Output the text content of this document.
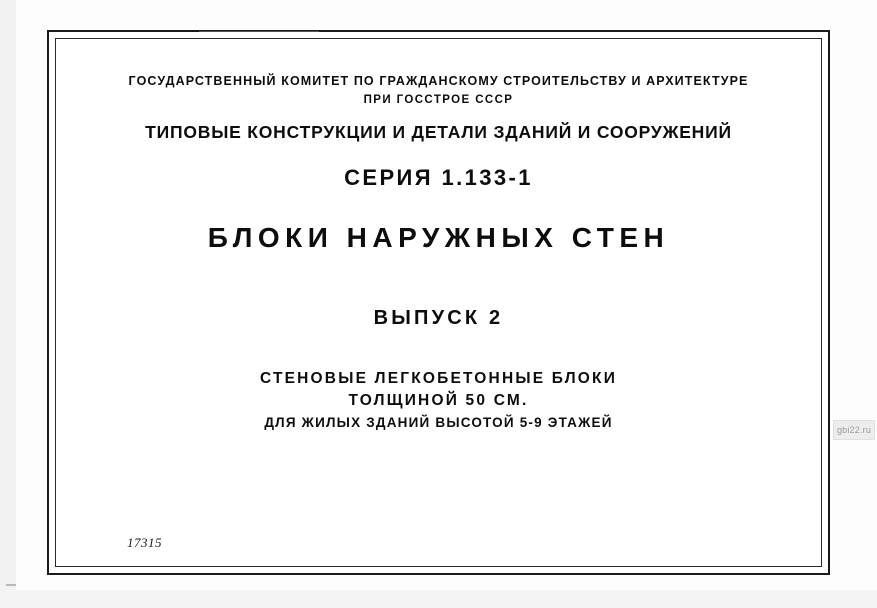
ГОСУДАРСТВЕННЫЙ КОМИТЕТ ПО ГРАЖДАНСКОМУ СТРОИТЕЛЬСТВУ И АРХИТЕКТУРЕ
ПРИ ГОССТРОЕ СССР
ТИПОВЫЕ КОНСТРУКЦИИ И ДЕТАЛИ ЗДАНИЙ И СООРУЖЕНИЙ
СЕРИЯ 1.133-1
БЛОКИ НАРУЖНЫХ СТЕН
ВЫПУСК 2
СТЕНОВЫЕ ЛЕГКОБЕТОННЫЕ БЛОКИ
ТОЛЩИНОЙ 50 СМ.
ДЛЯ ЖИЛЫХ ЗДАНИЙ ВЫСОТОЙ 5-9 ЭТАЖЕЙ
17315
gbi22.ru
